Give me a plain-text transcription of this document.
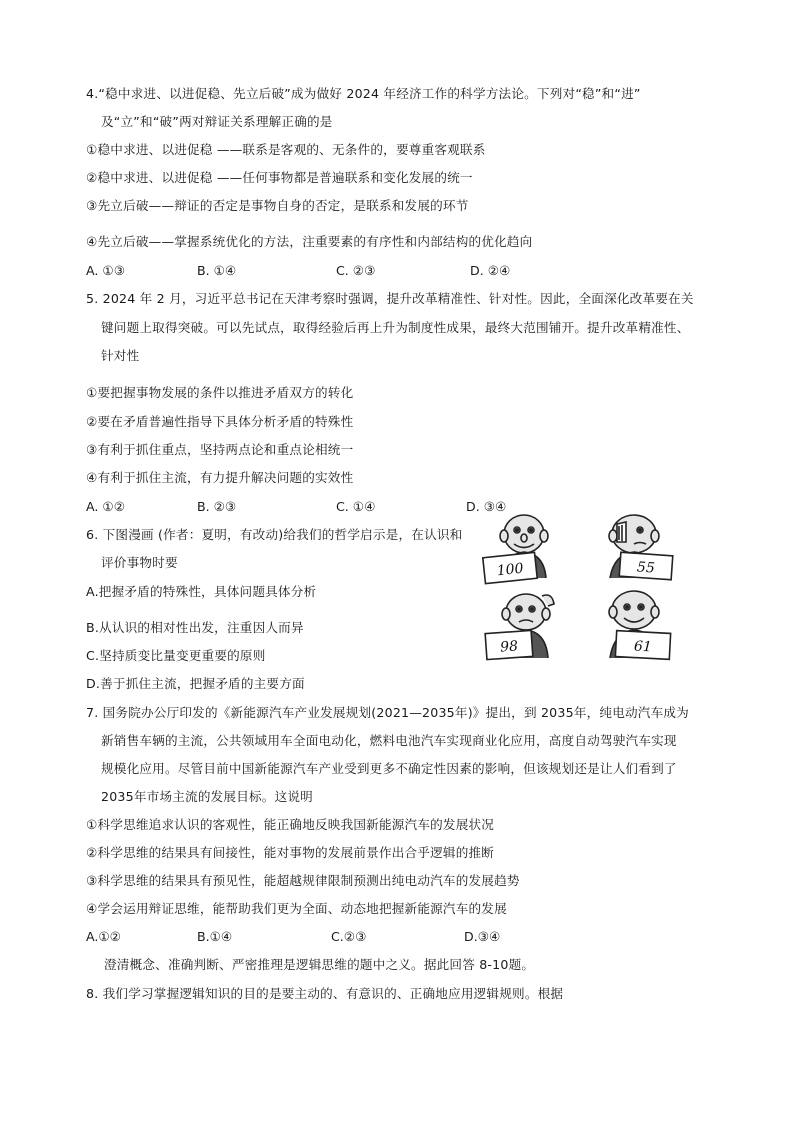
4.“稳中求进、以进促稳、先立后破”成为做好 2024 年经济工作的科学方法论。下列对“稳”和“进”
及“立”和“破”两对辩证关系理解正确的是
①稳中求进、以进促稳 ——联系是客观的、无条件的，要尊重客观联系
②稳中求进、以进促稳 ——任何事物都是普遍联系和变化发展的统一
③先立后破——辩证的否定是事物自身的否定，是联系和发展的环节
④先立后破——掌握系统优化的方法，注重要素的有序性和内部结构的优化趋向
A. ①③	B. ①④	C. ②③	D. ②④
5. 2024 年 2 月，习近平总书记在天津考察时强调，提升改革精准性、针对性。因此，全面深化改革要在关
键问题上取得突破。可以先试点，取得经验后再上升为制度性成果，最终大范围铺开。提升改革精准性、
针对性
①要把握事物发展的条件以推进矛盾双方的转化
②要在矛盾普遍性指导下具体分析矛盾的特殊性
③有利于抓住重点，坚持两点论和重点论相统一
④有利于抓住主流，有力提升解决问题的实效性
A. ①②	B. ②③	C. ①④	D. ③④
6. 下图漫画 (作者：夏明，有改动)给我们的哲学启示是，在认识和
评价事物时要
A.把握矛盾的特殊性，具体问题具体分析
B.从认识的相对性出发，注重因人而异
C.坚持质变比量变更重要的原则
D.善于抓住主流，把握矛盾的主要方面
100	55
98	61
7. 国务院办公厅印发的《新能源汽车产业发展规划(2021—2035年)》提出，到 2035年，纯电动汽车成为
新销售车辆的主流，公共领域用车全面电动化，燃料电池汽车实现商业化应用，高度自动驾驶汽车实现
规模化应用。尽管目前中国新能源汽车产业受到更多不确定性因素的影响，但该规划还是让人们看到了
2035年市场主流的发展目标。这说明
①科学思维追求认识的客观性，能正确地反映我国新能源汽车的发展状况
②科学思维的结果具有间接性，能对事物的发展前景作出合乎逻辑的推断
③科学思维的结果具有预见性，能超越规律限制预测出纯电动汽车的发展趋势
④学会运用辩证思维，能帮助我们更为全面、动态地把握新能源汽车的发展
A.①②	B.①④	C.②③	D.③④
澄清概念、准确判断、严密推理是逻辑思维的题中之义。据此回答 8-10题。
8. 我们学习掌握逻辑知识的目的是要主动的、有意识的、正确地应用逻辑规则。根据
